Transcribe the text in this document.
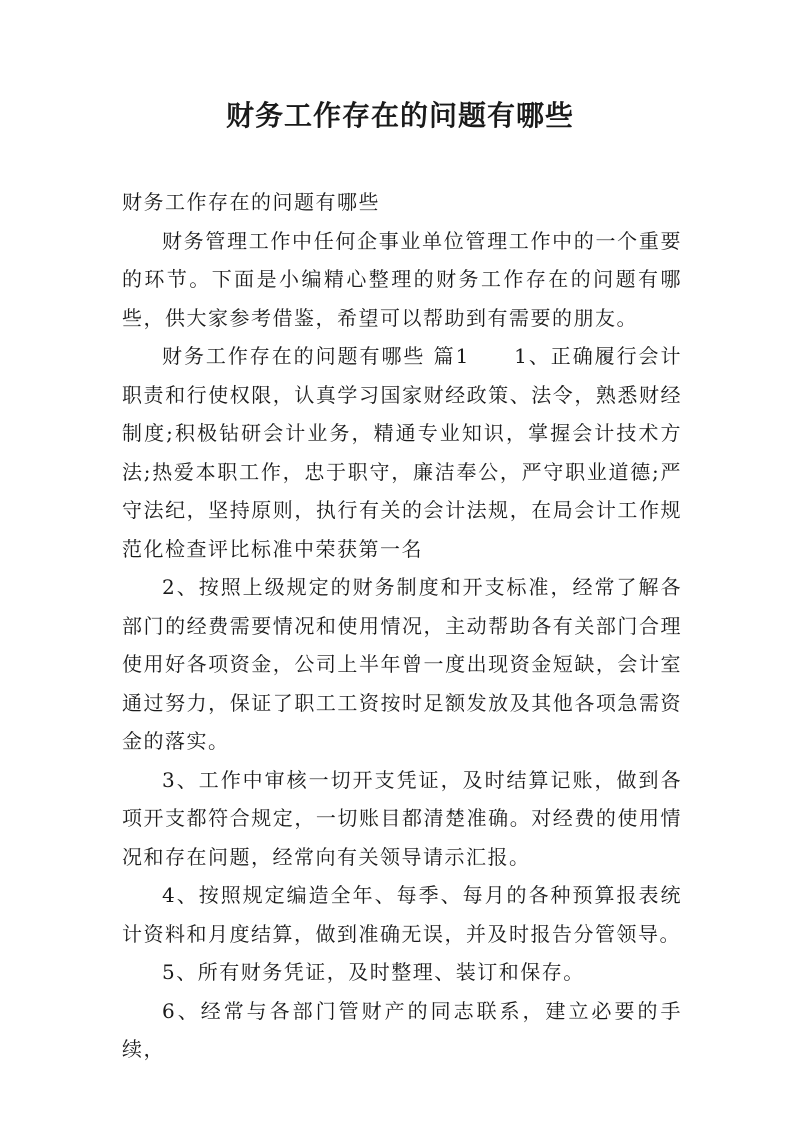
财务工作存在的问题有哪些

财务工作存在的问题有哪些

财务管理工作中任何企事业单位管理工作中的一个重要的环节。下面是小编精心整理的财务工作存在的问题有哪些，供大家参考借鉴，希望可以帮助到有需要的朋友。

财务工作存在的问题有哪些 篇1　　1、正确履行会计职责和行使权限，认真学习国家财经政策、法令，熟悉财经制度;积极钻研会计业务，精通专业知识，掌握会计技术方法;热爱本职工作，忠于职守，廉洁奉公，严守职业道德;严守法纪，坚持原则，执行有关的会计法规，在局会计工作规范化检查评比标准中荣获第一名

2、按照上级规定的财务制度和开支标准，经常了解各部门的经费需要情况和使用情况，主动帮助各有关部门合理使用好各项资金，公司上半年曾一度出现资金短缺，会计室通过努力，保证了职工工资按时足额发放及其他各项急需资金的落实。

3、工作中审核一切开支凭证，及时结算记账，做到各项开支都符合规定，一切账目都清楚准确。对经费的使用情况和存在问题，经常向有关领导请示汇报。

4、按照规定编造全年、每季、每月的各种预算报表统计资料和月度结算，做到准确无误，并及时报告分管领导。

5、所有财务凭证，及时整理、装订和保存。

6、经常与各部门管财产的同志联系，建立必要的手续，
